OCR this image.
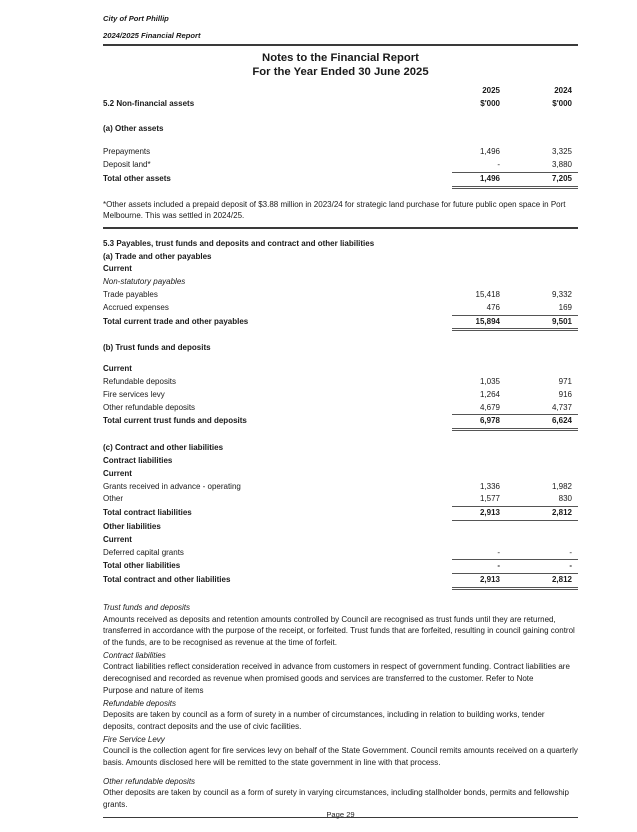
City of Port Phillip
2024/2025 Financial Report
Notes to the Financial Report
For the Year Ended 30 June 2025
2025	2024
5.2 Non-financial assets	$'000	$'000
(a) Other assets
Prepayments	1,496	3,325
Deposit land*	-	3,880
Total other assets	1,496	7,205
*Other assets included a prepaid deposit of $3.88 million in 2023/24 for strategic land purchase for future public open space in Port Melbourne. This was settled in 2024/25.
5.3 Payables, trust funds and deposits and contract and other liabilities
(a) Trade and other payables
Current
Non-statutory payables
Trade payables	15,418	9,332
Accrued expenses	476	169
Total current trade and other payables	15,894	9,501
(b) Trust funds and deposits
Current
Refundable deposits	1,035	971
Fire services levy	1,264	916
Other refundable deposits	4,679	4,737
Total current trust funds and deposits	6,978	6,624
(c) Contract and other liabilities
Contract liabilities
Current
Grants received in advance - operating	1,336	1,982
Other	1,577	830
Total contract liabilities	2,913	2,812
Other liabilities
Current
Deferred capital grants	-	-
Total other liabilities	-	-
Total contract and other liabilities	2,913	2,812
Trust funds and deposits
Amounts received as deposits and retention amounts controlled by Council are recognised as trust funds until they are returned, transferred in accordance with the purpose of the receipt, or forfeited. Trust funds that are forfeited, resulting in council gaining control of the funds, are to be recognised as revenue at the time of forfeit.
Contract liabilities
Contract liabilities reflect consideration received in advance from customers in respect of government funding. Contract liabilities are derecognised and recorded as revenue when promised goods and services are transferred to the customer. Refer to Note
Purpose and nature of items
Refundable deposits
Deposits are taken by council as a form of surety in a number of circumstances, including in relation to building works, tender deposits, contract deposits and the use of civic facilities.
Fire Service Levy
Council is the collection agent for fire services levy on behalf of the State Government. Council remits amounts received on a quarterly basis. Amounts disclosed here will be remitted to the state government in line with that process.
Other refundable deposits
Other deposits are taken by council as a form of surety in varying circumstances, including stallholder bonds, permits and fellowship grants.
Page 29
